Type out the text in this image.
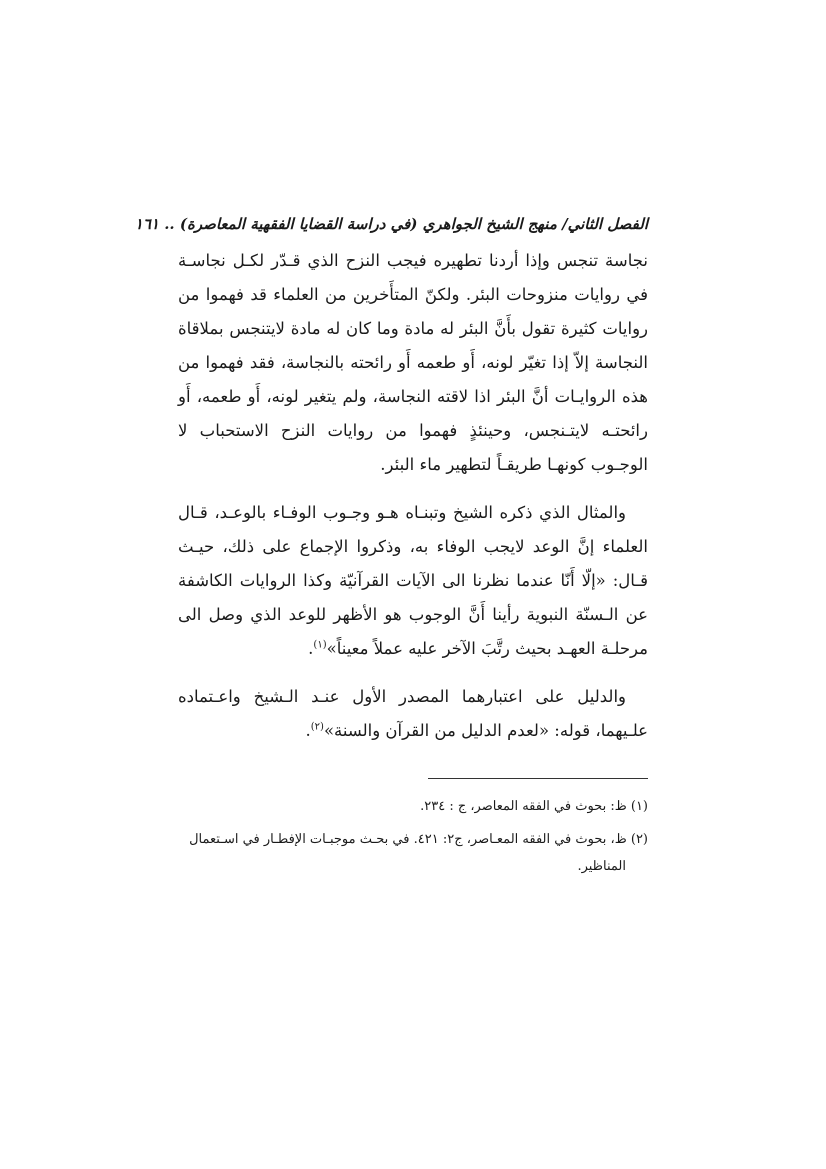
الفصل الثاني/ منهج الشيخ الجواهري (في دراسة القضايا الفقهية المعاصرة) .. ١٦١

نجاسة تنجس وإذا أردنا تطهيره فيجب النزح الذي قـدّر لكـل نجاسـة في روايات منزوحات البئر. ولكنّ المتأَخرين من العلماء قد فهموا من روايات كثيرة تقول بأَنَّ البئر له مادة وما كان له مادة لايتنجس بملاقاة النجاسة إلاّ إذا تغيّر لونه، أَو طعمه أَو رائحته بالنجاسة، فقد فهموا من هذه الروايـات أنَّ البئر اذا لاقته النجاسة، ولم يتغير لونه، أَو طعمه، أَو رائحتـه لايتـنجس، وحينئذٍ فهموا من روايات النزح الاستحباب لا الوجـوب كونهـا طريقـاً لتطهير ماء البئر.

والمثال الذي ذكره الشيخ وتبنـاه هـو وجـوب الوفـاء بالوعـد، قـال العلماء إنَّ الوعد لايجب الوفاء به، وذكروا الإجماع على ذلك، حيـث قـال: «إلّا أَنّا عندما نظرنا الى الآيات القرآنيّة وكذا الروايات الكاشفة عن الـسنّة النبوية رأينا أَنَّ الوجوب هو الأظهر للوعد الذي وصل الى مرحلـة العهـد بحيث رتَّبَ الآخر عليه عملاً معيناً»$^{(١)}$.

والدليل على اعتبارهما المصدر الأول عنـد الـشيخ واعـتماده علـيهما، قوله: «لعدم الدليل من القرآن والسنة»$^{(٢)}$.

(١) ظ: بحوث في الفقه المعاصر، ج : ٢٣٤.

(٢) ظ، بحوث في الفقه المعـاصر، ج٢: ٤٢١. في بحـث موجبـات الإفطـار في اسـتعمال
المناظير.
